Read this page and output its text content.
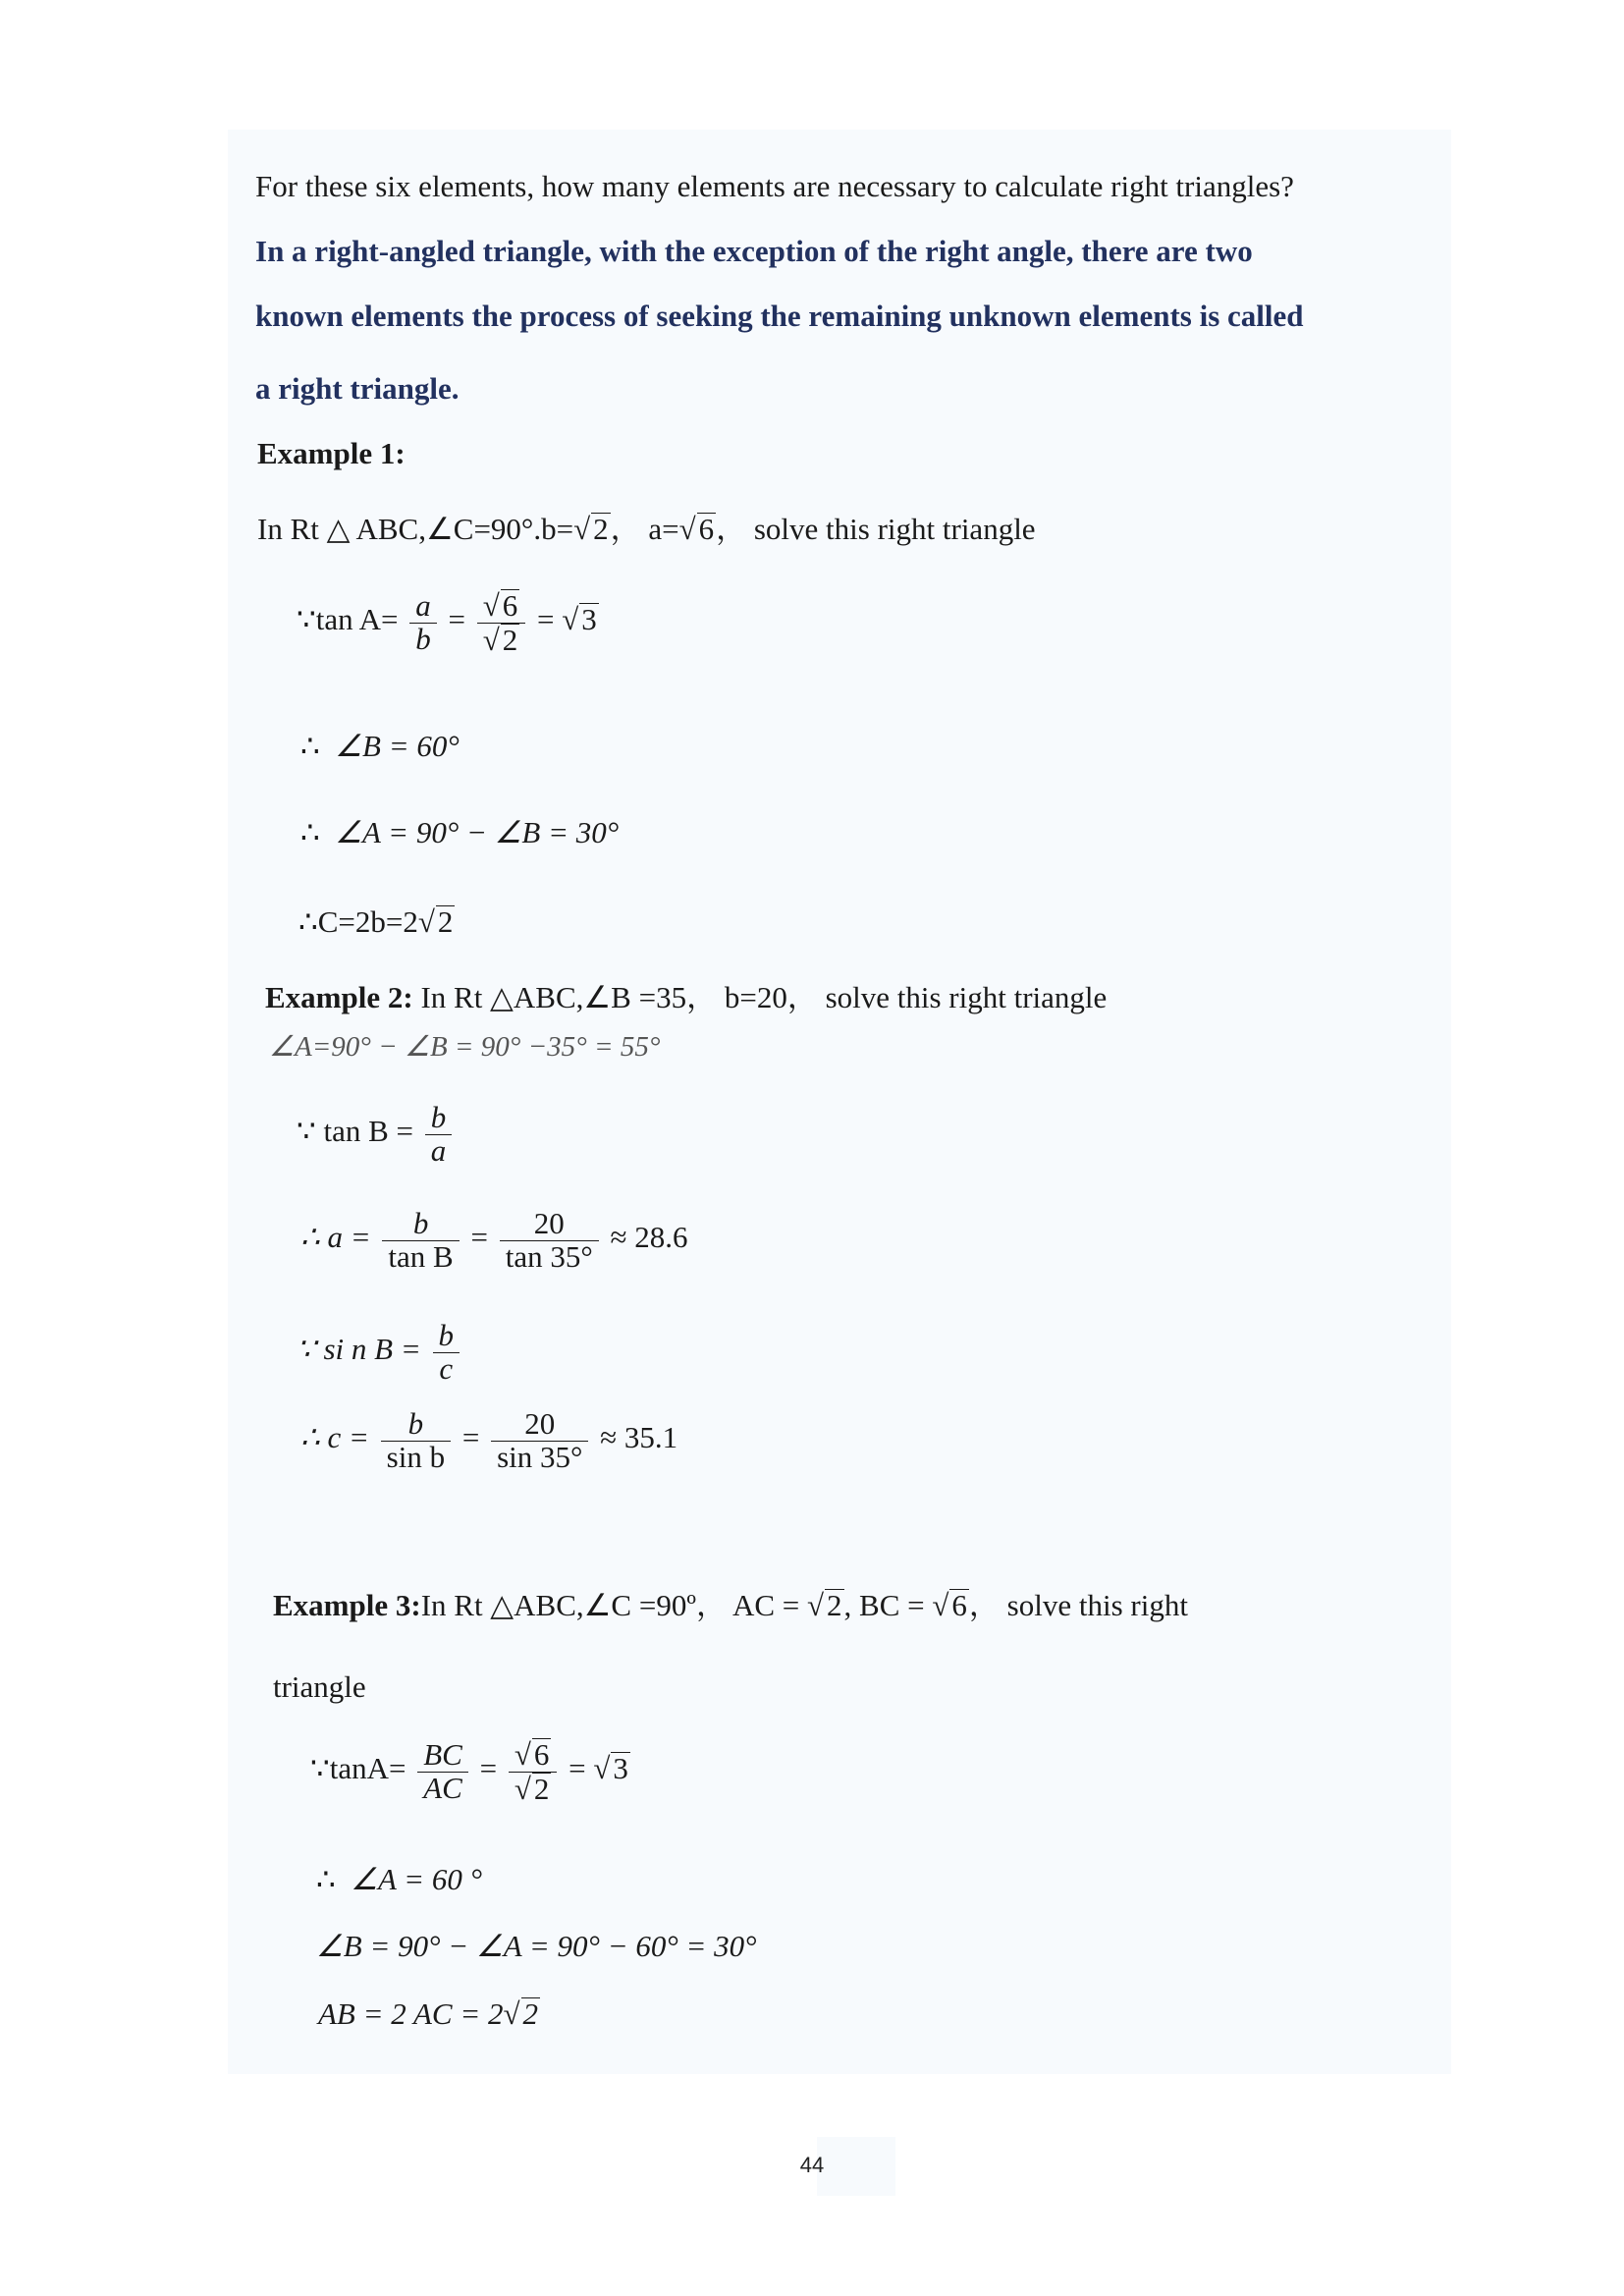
For these six elements, how many elements are necessary to calculate right triangles?
In a right-angled triangle, with the exception of the right angle, there are two
known elements the process of seeking the remaining unknown elements is called
a right triangle.
Example 1:
In Rt △ ABC,∠C=90°.b=√2， a=√6， solve this right triangle
∵tan $A= \frac{a}{b} = \frac{√6}{√2} = √3$
∴ ∠B = 60°
∴ ∠A = 90° − ∠B = 30°
∴C=2b=2√2
Example 2: In Rt △ABC,∠B =35， b=20， solve this right triangle
∠A=90° − ∠B = 90° −35° = 55°
∵ $\tan B = \frac{b}{a}$
∴ $a = \frac{b}{\text{tan B}} = \frac{20}{\tan 35^\circ} \approx 28.6$
∵ si n $B = \frac{b}{c}$
∴ $c = \frac{b}{\text{sin b}} = \frac{20}{\sin 35^\circ} \approx 35.1$
Example 3:In Rt △ABC,∠C =90º， AC = √2, BC = √6， solve this right
triangle
∵tanA= $\frac{BC}{AC} = \frac{√6}{√2} = √3$
∴ ∠A = 60 °
∠B = 90° − ∠A = 90° − 60° = 30°
AB = 2 AC = 2√2
44
